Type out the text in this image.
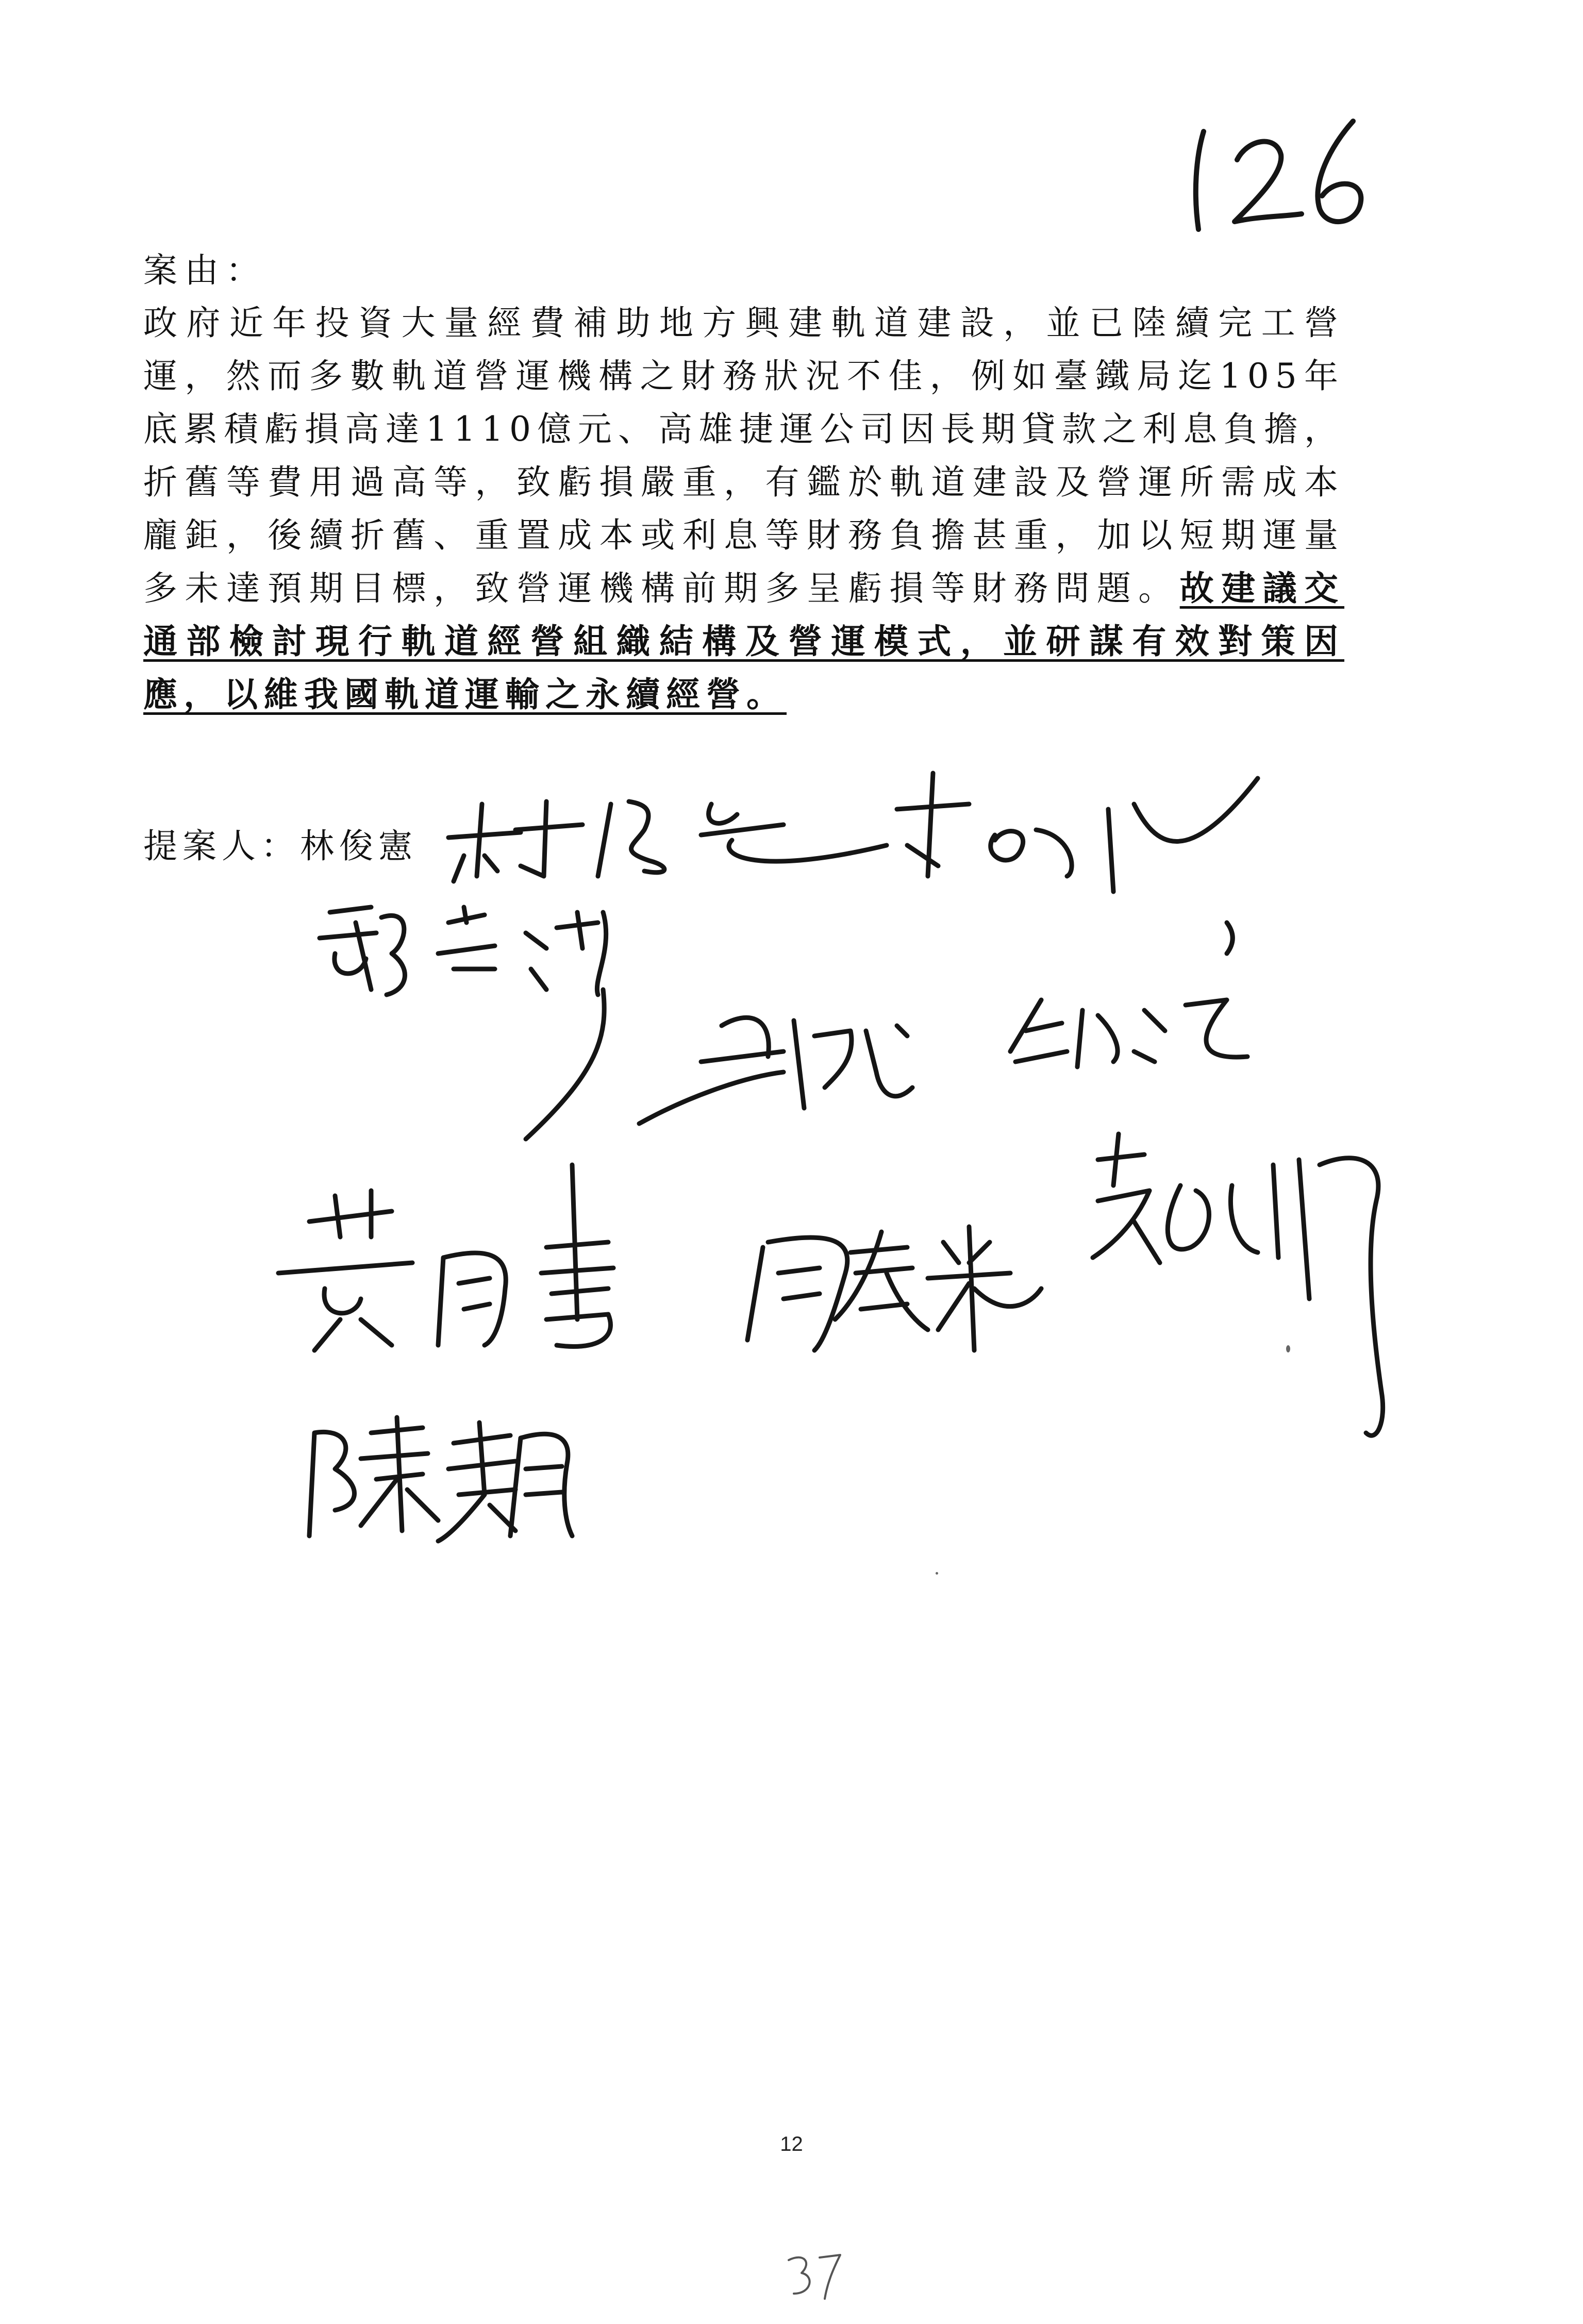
案由：
政府近年投資大量經費補助地方興建軌道建設，並已陸續完工營運，然而多數軌道營運機構之財務狀況不佳，例如臺鐵局迄105年底累積虧損高達1110億元、高雄捷運公司因長期貸款之利息負擔，折舊等費用過高等，致虧損嚴重，有鑑於軌道建設及營運所需成本龐鉅，後續折舊、重置成本或利息等財務負擔甚重，加以短期運量多未達預期目標，致營運機構前期多呈虧損等財務問題。故建議交通部檢討現行軌道經營組織結構及營運模式，並研謀有效對策因應，以維我國軌道運輸之永續經營。
提案人：林俊憲
12
